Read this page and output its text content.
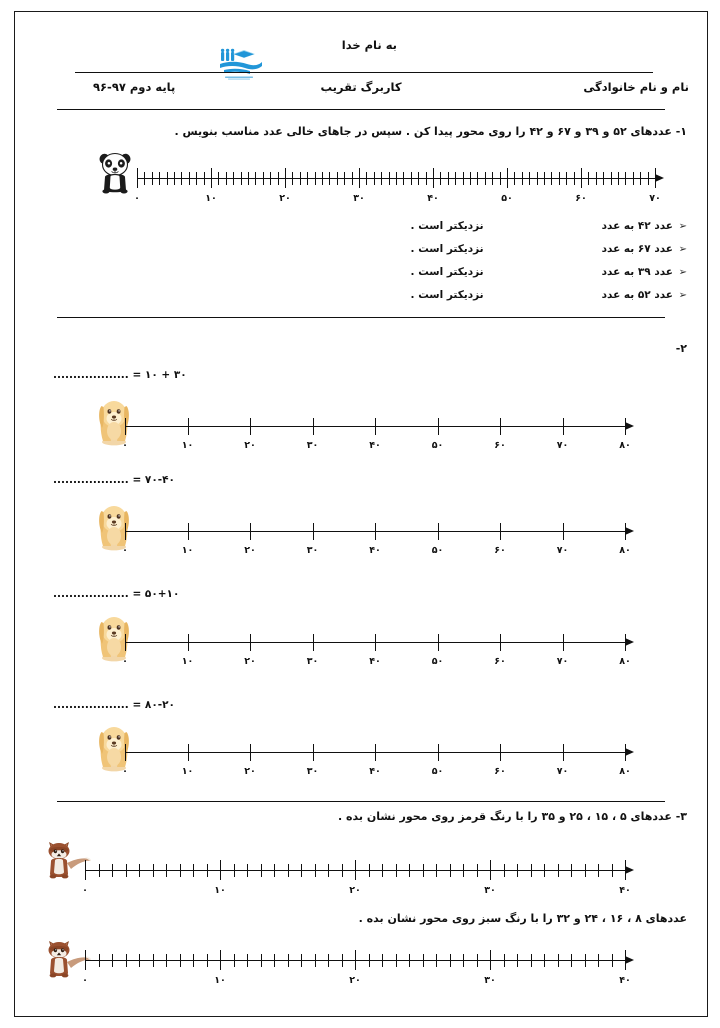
به نام خدا
نام و نام خانوادگی
کاربرگ تقریب
پایه دوم ۹۷-۹۶
۱- عددهای ۵۲ و ۳۹ و ۶۷ و ۴۲ را روی محور پیدا کن . سپس در جاهای خالی عدد مناسب بنویس .
۰	۱۰	۲۰	۳۰	۴۰	۵۰	۶۰	۷۰
➢عدد ۴۲ به عددنزدیکتر است .
➢عدد ۶۷ به عددنزدیکتر است .
➢عدد ۳۹ به عددنزدیکتر است .
➢عدد ۵۲ به عددنزدیکتر است .
۲-
۳۰ + ۱۰ = ...................
۰	۱۰	۲۰	۳۰	۴۰	۵۰	۶۰	۷۰	۸۰
۷۰-۴۰ = ...................
۰	۱۰	۲۰	۳۰	۴۰	۵۰	۶۰	۷۰	۸۰
۵۰+۱۰ = ...................
۰	۱۰	۲۰	۳۰	۴۰	۵۰	۶۰	۷۰	۸۰
۸۰-۲۰ = ...................
۰	۱۰	۲۰	۳۰	۴۰	۵۰	۶۰	۷۰	۸۰
۳- عددهای ۵ ، ۱۵ ، ۲۵ و ۳۵ را با رنگ قرمز روی محور نشان بده .
۰	۱۰	۲۰	۳۰	۴۰
عددهای ۸ ، ۱۶ ، ۲۴ و ۳۲ را با رنگ سبز روی محور نشان بده .
۰	۱۰	۲۰	۳۰	۴۰
